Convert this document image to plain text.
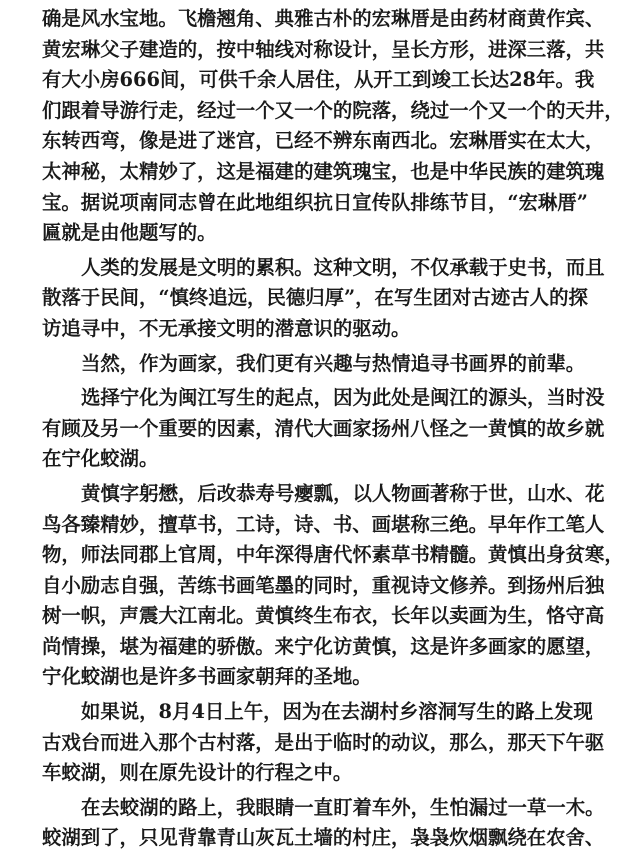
确是风水宝地。飞檐翘角、典雅古朴的宏琳厝是由药材商黄作宾、
黄宏琳父子建造的，按中轴线对称设计，呈长方形，进深三落，共
有大小房666间，可供千余人居住，从开工到竣工长达28年。我
们跟着导游行走，经过一个又一个的院落，绕过一个又一个的天井，
东转西弯，像是进了迷宫，已经不辨东南西北。宏琳厝实在太大，
太神秘，太精妙了，这是福建的建筑瑰宝，也是中华民族的建筑瑰
宝。据说项南同志曾在此地组织抗日宣传队排练节目，“宏琳厝”
匾就是由他题写的。
人类的发展是文明的累积。这种文明，不仅承载于史书，而且
散落于民间，“慎终追远，民德归厚”，在写生团对古迹古人的探
访追寻中，不无承接文明的潜意识的驱动。
当然，作为画家，我们更有兴趣与热情追寻书画界的前辈。
选择宁化为闽江写生的起点，因为此处是闽江的源头，当时没
有顾及另一个重要的因素，清代大画家扬州八怪之一黄慎的故乡就
在宁化蛟湖。
黄慎字躬懋，后改恭寿号瘿瓢，以人物画著称于世，山水、花
鸟各臻精妙，擅草书，工诗，诗、书、画堪称三绝。早年作工笔人
物，师法同郡上官周，中年深得唐代怀素草书精髓。黄慎出身贫寒，
自小励志自强，苦练书画笔墨的同时，重视诗文修养。到扬州后独
树一帜，声震大江南北。黄慎终生布衣，长年以卖画为生，恪守高
尚情操，堪为福建的骄傲。来宁化访黄慎，这是许多画家的愿望，
宁化蛟湖也是许多书画家朝拜的圣地。
如果说，8月4日上午，因为在去湖村乡溶洞写生的路上发现
古戏台而进入那个古村落，是出于临时的动议，那么，那天下午驱
车蛟湖，则在原先设计的行程之中。
在去蛟湖的路上，我眼睛一直盯着车外，生怕漏过一草一木。
蛟湖到了，只见背靠青山灰瓦土墙的村庄，袅袅炊烟飘绕在农舍、
